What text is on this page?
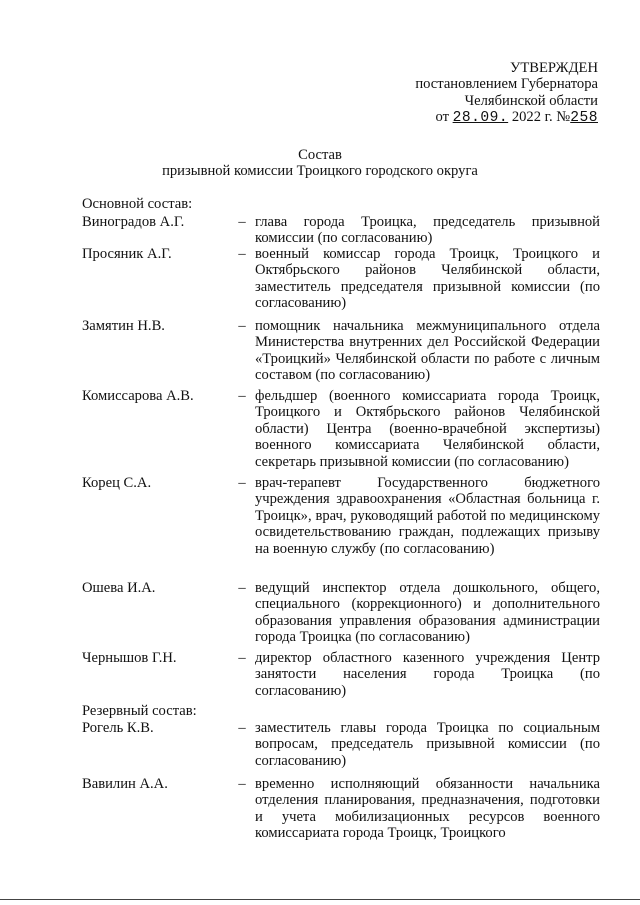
УТВЕРЖДЕН
постановлением Губернатора
Челябинской области
от 28.09. 2022 г. №258
Состав
призывной комиссии Троицкого городского округа
Основной состав:
Виноградов А.Г.	– глава города Троицка, председатель призывной комиссии (по согласованию)
Просяник А.Г.	– военный комиссар города Троицк, Троицкого и Октябрьского районов Челябинской области, заместитель председателя призывной комиссии (по согласованию)
Замятин Н.В.	– помощник начальника межмуниципального отдела Министерства внутренних дел Российской Федерации «Троицкий» Челябинской области по работе с личным составом (по согласованию)
Комиссарова А.В.	– фельдшер (военного комиссариата города Троицк, Троицкого и Октябрьского районов Челябинской области) Центра (военно-врачебной экспертизы) военного комиссариата Челябинской области, секретарь призывной комиссии (по согласованию)
Корец С.А.	– врач-терапевт Государственного бюджетного учреждения здравоохранения «Областная больница г. Троицк», врач, руководящий работой по медицинскому освидетельствованию граждан, подлежащих призыву на военную службу (по согласованию)
Ошева И.А.	– ведущий инспектор отдела дошкольного, общего, специального (коррекционного) и дополнительного образования управления образования администрации города Троицка (по согласованию)
Чернышов Г.Н.	– директор областного казенного учреждения Центр занятости населения города Троицка (по согласованию)
Резервный состав:
Рогель К.В.	– заместитель главы города Троицка по социальным вопросам, председатель призывной комиссии (по согласованию)
Вавилин А.А.	– временно исполняющий обязанности начальника отделения планирования, предназначения, подготовки и учета мобилизационных ресурсов военного комиссариата города Троицк, Троицкого
